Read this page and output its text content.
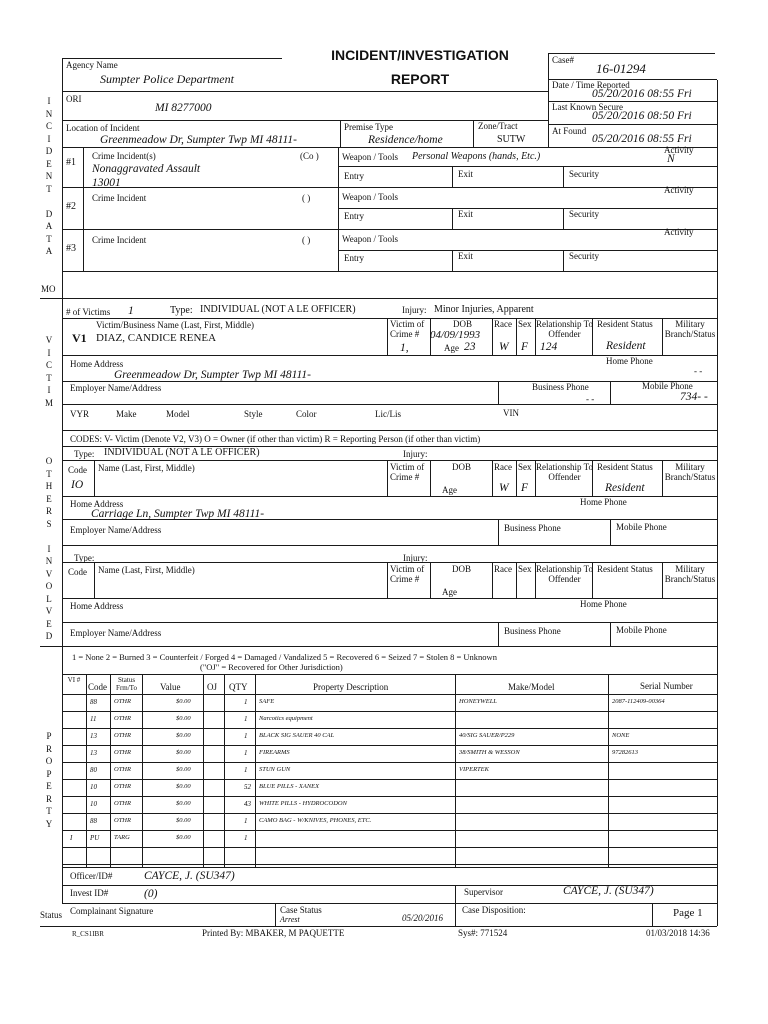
INCIDENT/INVESTIGATION
REPORT
Agency Name
Sumpter Police Department
ORI
MI 8277000
Case#
16-01294
Date / Time Reported
05/20/2016 08:55 Fri
Last Known Secure
05/20/2016 08:50 Fri
At Found
05/20/2016 08:55 Fri
Location of Incident
Greenmeadow Dr, Sumpter Twp MI 48111-
Premise Type
Residence/home
Zone/Tract
SUTW
I
N
C
I
D
E
N
T

D
A
T
A
MO
V
I
C
T
I
M
O
T
H
E
R
S

I
N
V
O
L
V
E
D
P
R
O
P
E
R
T
Y
Status
#1
Crime Incident(s)	(Co )
Nonaggravated Assault
13001
Weapon / Tools Personal Weapons (hands, Etc.)
Activity
N
Entry	Exit	Security
#2
Crime Incident	( )	Weapon / Tools
Activity
Entry	Exit	Security
#3
Crime Incident	( )	Weapon / Tools
Activity
Entry	Exit	Security
# of Victims 1	Type: INDIVIDUAL (NOT A LE OFFICER)	Injury: Minor Injuries, Apparent
Victim/Business Name (Last, First, Middle)
V1 DIAZ, CANDICE RENEA
Victim of Crime #
1,
DOB
04/09/1993
Age 23
Race
W
Sex
F
Relationship To Offender
124
Resident Status
Resident
Military Branch/Status
Home Address
Greenmeadow Dr, Sumpter Twp MI 48111-
Home Phone
- -
Employer Name/Address	Business Phone
- -
Mobile Phone
734- -
VYR	Make	Model	Style	Color	Lic/Lis	VIN
CODES: V- Victim (Denote V2, V3) O = Owner (if other than victim) R = Reporting Person (if other than victim)
Type: INDIVIDUAL (NOT A LE OFFICER)	Injury:
Code
IO
Name (Last, First, Middle)	Victim of Crime #
DOB
Age
Race
W
Sex
F
Relationship To Offender
Resident Status
Resident
Military Branch/Status
Home Address
Carriage Ln, Sumpter Twp MI 48111-
Home Phone
Employer Name/Address	Business Phone	Mobile Phone
Type:	Injury:
Code Name (Last, First, Middle)	Victim of Crime #
DOB
Age
Race Sex Relationship To Offender
Resident Status	Military Branch/Status
Home Address	Home Phone
Employer Name/Address	Business Phone	Mobile Phone
1 = None 2 = Burned 3 = Counterfeit / Forged 4 = Damaged / Vandalized 5 = Recovered 6 = Seized 7 = Stolen 8 = Unknown
("OJ" = Recovered for Other Jurisdiction)
VI #
Code
Status Frm/To	Value	OJ QTY	Property Description	Make/Model	Serial Number
88	OTHR	$0.00	1 SAFE	HONEYWELL	2087-112409-00364
11	OTHR	$0.00	1 Narcotics equipment
13	OTHR	$0.00	1 BLACK SIG SAUER 40 CAL	40/SIG SAUER/P229	NONE
13	OTHR	$0.00	1 FIREARMS	38/SMITH & WESSON	97282613
80	OTHR	$0.00	1 STUN GUN	VIPERTEK
10	OTHR	$0.00	52 BLUE PILLS - XANEX
10	OTHR	$0.00	43 WHITE PILLS - HYDROCODON
88	OTHR	$0.00	1 CAMO BAG - W/KNIVES, PHONES, ETC.
I	PU TARG	$0.00	1
Officer/ID#	CAYCE, J. (SU347)
Invest ID#	(0)	Supervisor	CAYCE, J. (SU347)
Complainant Signature	Case Status
Arrest	05/20/2016
Case Disposition:	Page 1
R_CS1IBR	Printed By: MBAKER, M PAQUETTE	Sys#: 771524	01/03/2018 14:36
